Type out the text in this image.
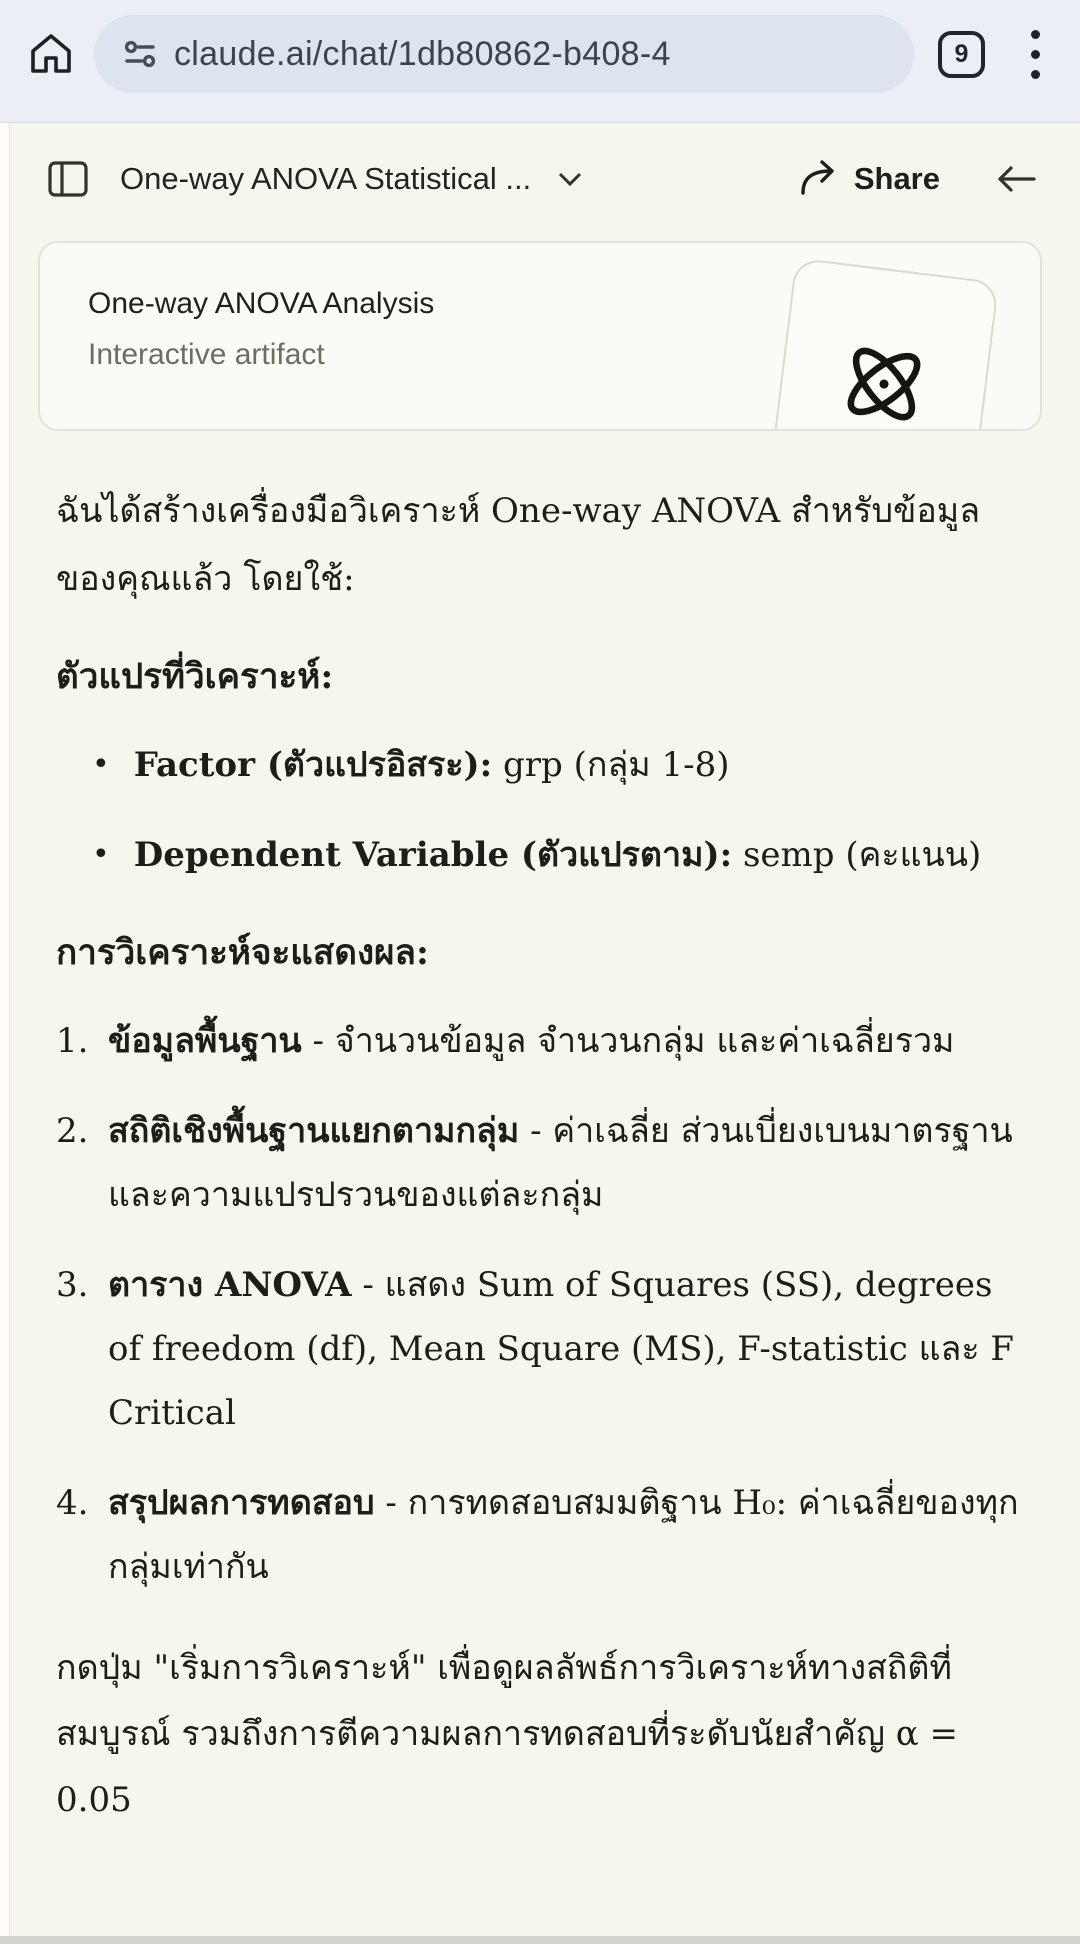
claude.ai/chat/1db80862-b408-4	9
One-way ANOVA Statistical ...	Share
One-way ANOVA Analysis
Interactive artifact

ฉันได้สร้างเครื่องมือวิเคราะห์ One-way ANOVA สำหรับข้อมูลของคุณแล้ว โดยใช้:

ตัวแปรที่วิเคราะห์:
• Factor (ตัวแปรอิสระ): grp (กลุ่ม 1-8)
• Dependent Variable (ตัวแปรตาม): semp (คะแนน)
การวิเคราะห์จะแสดงผล:
1. ข้อมูลพื้นฐาน - จำนวนข้อมูล จำนวนกลุ่ม และค่าเฉลี่ยรวม
2. สถิติเชิงพื้นฐานแยกตามกลุ่ม - ค่าเฉลี่ย ส่วนเบี่ยงเบนมาตรฐาน และความแปรปรวนของแต่ละกลุ่ม
3. ตาราง ANOVA - แสดง Sum of Squares (SS), degrees of freedom (df), Mean Square (MS), F-statistic และ F Critical
4. สรุปผลการทดสอบ - การทดสอบสมมติฐาน H₀: ค่าเฉลี่ยของทุกกลุ่มเท่ากัน

กดปุ่ม "เริ่มการวิเคราะห์" เพื่อดูผลลัพธ์การวิเคราะห์ทางสถิติที่สมบูรณ์ รวมถึงการตีความผลการทดสอบที่ระดับนัยสำคัญ α = 0.05
